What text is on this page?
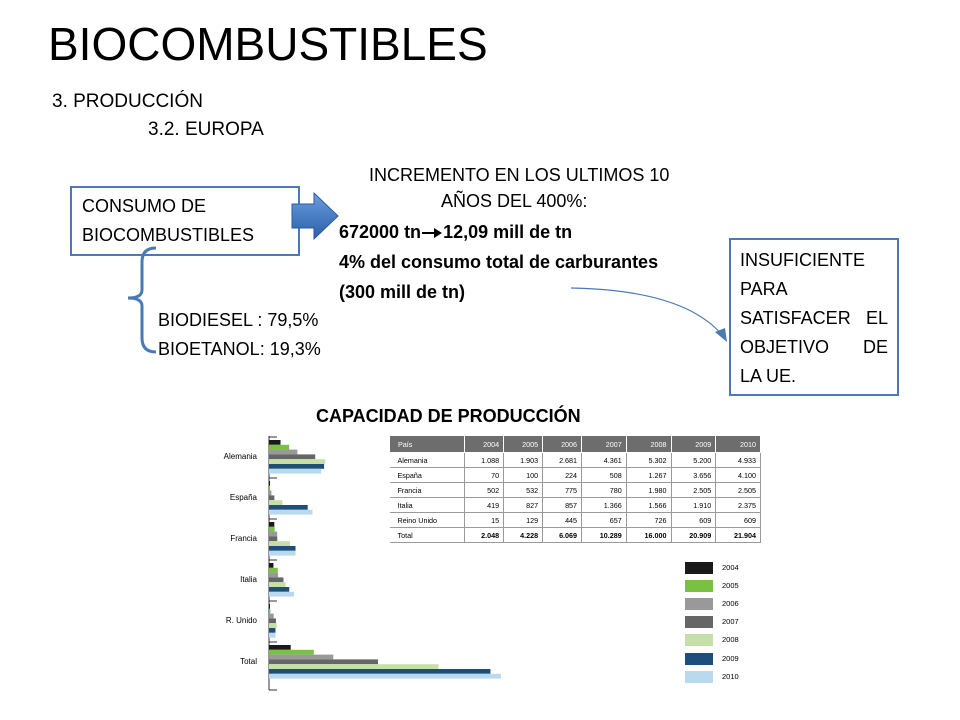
BIOCOMBUSTIBLES
3. PRODUCCIÓN
3.2. EUROPA
CONSUMO DE
BIOCOMBUSTIBLES
INCREMENTO EN LOS ULTIMOS 10
AÑOS DEL 400%:
672000 tn 12,09 mill de tn
4% del consumo total de carburantes
(300 mill de tn)
BIODIESEL : 79,5%
BIOETANOL: 19,3%
INSUFICIENTE
PARA
SATISFACER EL
OBJETIVO DE
LA UE.
CAPACIDAD DE PRODUCCIÓN
Alemania
España
Francia
Italia
R. Unido
Total
País	2004	2005	2006	2007	2008	2009	2010
Alemania	1.088	1.903	2.681	4.361	5.302	5.200	4.933
España	70	100	224	508	1.267	3.656	4.100
Francia	502	532	775	780	1.980	2.505	2.505
Italia	419	827	857	1.366	1.566	1.910	2.375
Reino Unido	15	129	445	657	726	609	609
Total	2.048	4.228	6.069	10.289	16.000	20.909	21.904
2004
2005
2006
2007
2008
2009
2010
